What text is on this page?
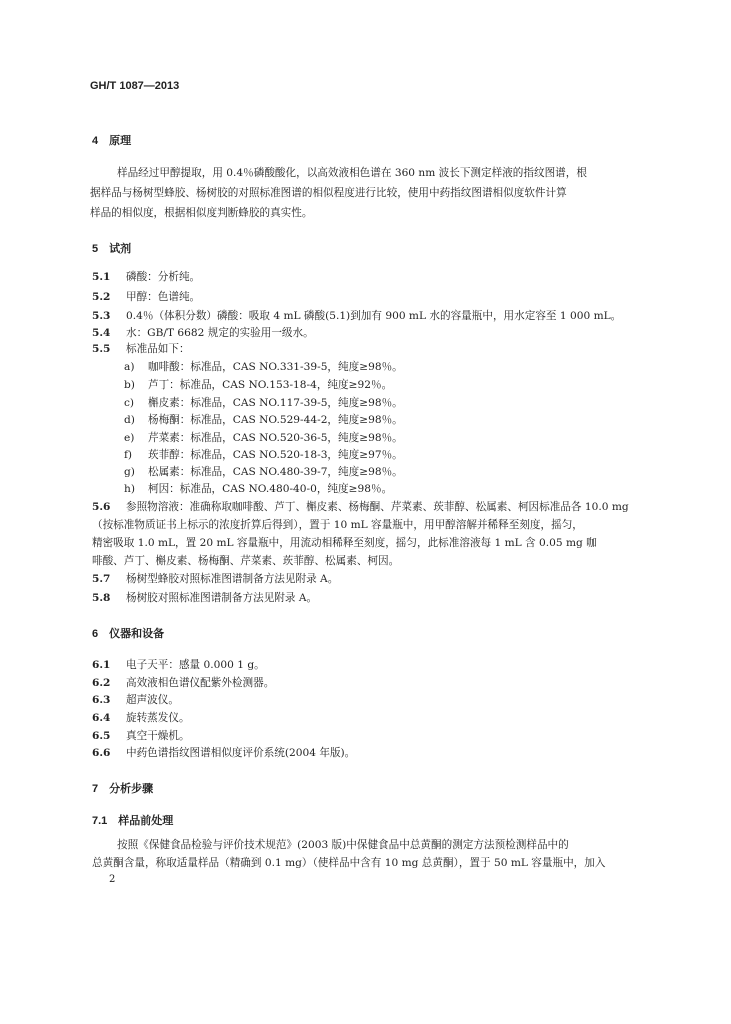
GH/T 1087—2013
4　原理
样品经过甲醇提取，用 0.4％磷酸酸化，以高效液相色谱在 360 nm 波长下测定样液的指纹图谱，根
据样品与杨树型蜂胶、杨树胶的对照标准图谱的相似程度进行比较，使用中药指纹图谱相似度软件计算
样品的相似度，根据相似度判断蜂胶的真实性。
5　试剂
5.1 磷酸：分析纯。
5.2 甲醇：色谱纯。
5.3 0.4％（体积分数）磷酸：吸取 4 mL 磷酸(5.1)到加有 900 mL 水的容量瓶中，用水定容至 1 000 mL。
5.4 水：GB/T 6682 规定的实验用一级水。
5.5 标准品如下：
a) 咖啡酸：标准品，CAS NO.331-39-5，纯度≥98％。
b) 芦丁：标准品，CAS NO.153-18-4，纯度≥92％。
c) 槲皮素：标准品，CAS NO.117-39-5，纯度≥98％。
d) 杨梅酮：标准品，CAS NO.529-44-2，纯度≥98％。
e) 芹菜素：标准品，CAS NO.520-36-5，纯度≥98％。
f) 莰菲醇：标准品，CAS NO.520-18-3，纯度≥97％。
g) 松属素：标准品，CAS NO.480-39-7，纯度≥98％。
h) 柯因：标准品，CAS NO.480-40-0，纯度≥98％。
5.6 参照物溶液：准确称取咖啡酸、芦丁、槲皮素、杨梅酮、芹菜素、莰菲醇、松属素、柯因标准品各 10.0 mg
（按标准物质证书上标示的浓度折算后得到），置于 10 mL 容量瓶中，用甲醇溶解并稀释至刻度，摇匀，
精密吸取 1.0 mL，置 20 mL 容量瓶中，用流动相稀释至刻度，摇匀，此标准溶液每 1 mL 含 0.05 mg 咖
啡酸、芦丁、槲皮素、杨梅酮、芹菜素、莰菲醇、松属素、柯因。
5.7 杨树型蜂胶对照标准图谱制备方法见附录 A。
5.8 杨树胶对照标准图谱制备方法见附录 A。
6　仪器和设备
6.1 电子天平：感量 0.000 1 g。
6.2 高效液相色谱仪配紫外检测器。
6.3 超声波仪。
6.4 旋转蒸发仪。
6.5 真空干燥机。
6.6 中药色谱指纹图谱相似度评价系统(2004 年版)。
7　分析步骤
7.1　样品前处理
按照《保健食品检验与评价技术规范》(2003 版)中保健食品中总黄酮的测定方法预检测样品中的
总黄酮含量，称取适量样品（精确到 0.1 mg）（使样品中含有 10 mg 总黄酮），置于 50 mL 容量瓶中，加入
2
